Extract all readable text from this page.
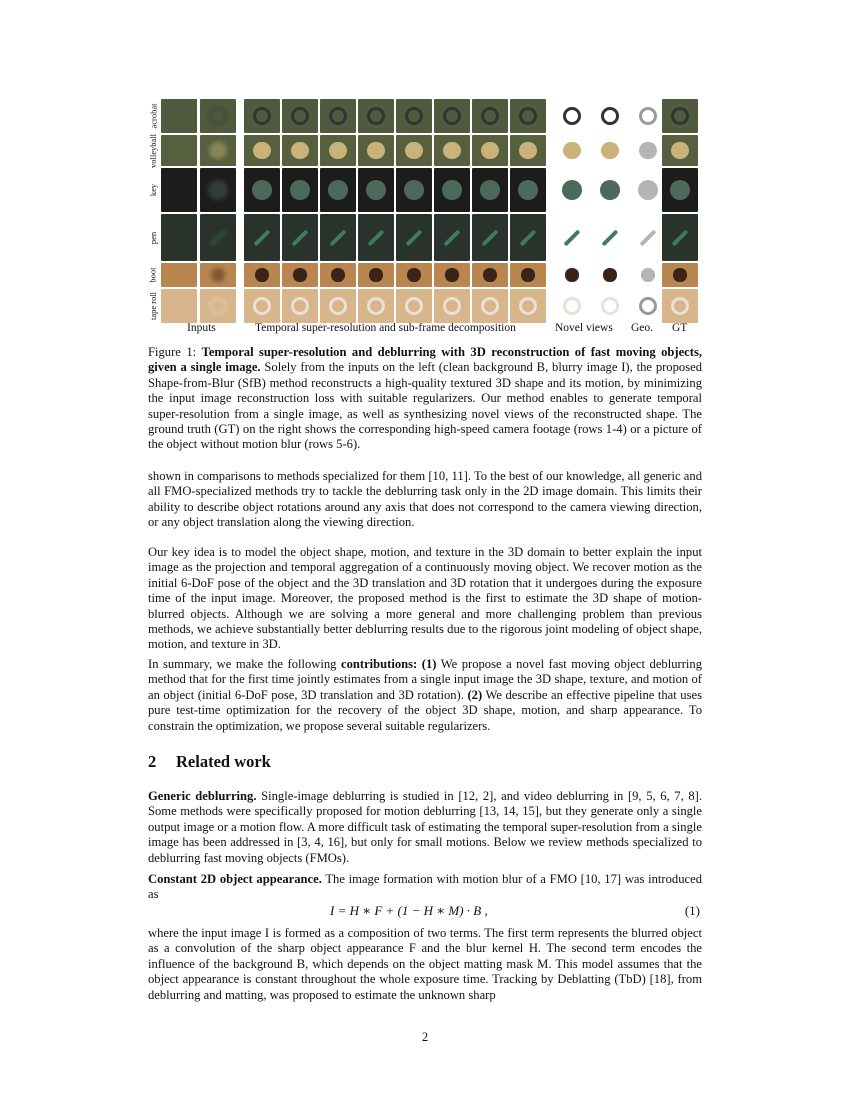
acrobat
volleyball
key
pen
boot
tape roll
Inputs	Temporal super-resolution and sub-frame decomposition	Novel views Geo. GT
Figure 1: Temporal super-resolution and deblurring with 3D reconstruction of fast moving objects, given a single image. Solely from the inputs on the left (clean background B, blurry image I), the proposed Shape-from-Blur (SfB) method reconstructs a high-quality textured 3D shape and its motion, by minimizing the input image reconstruction loss with suitable regularizers. Our method enables to generate temporal super-resolution from a single image, as well as synthesizing novel views of the reconstructed shape. The ground truth (GT) on the right shows the corresponding high-speed camera footage (rows 1-4) or a picture of the object without motion blur (rows 5-6).
shown in comparisons to methods specialized for them [10, 11]. To the best of our knowledge, all generic and all FMO-specialized methods try to tackle the deblurring task only in the 2D image domain. This limits their ability to describe object rotations around any axis that does not correspond to the camera viewing direction, or any object translation along the viewing direction.
Our key idea is to model the object shape, motion, and texture in the 3D domain to better explain the input image as the projection and temporal aggregation of a continuously moving object. We recover motion as the initial 6-DoF pose of the object and the 3D translation and 3D rotation that it undergoes during the exposure time of the input image. Moreover, the proposed method is the first to estimate the 3D shape of motion-blurred objects. Although we are solving a more general and more challenging problem than previous methods, we achieve substantially better deblurring results due to the rigorous joint modeling of object shape, motion, and texture in 3D.
In summary, we make the following contributions: (1) We propose a novel fast moving object deblurring method that for the first time jointly estimates from a single input image the 3D shape, texture, and motion of an object (initial 6-DoF pose, 3D translation and 3D rotation). (2) We describe an effective pipeline that uses pure test-time optimization for the recovery of the object 3D shape, motion, and sharp appearance. To constrain the optimization, we propose several suitable regularizers.
2 Related work
Generic deblurring. Single-image deblurring is studied in [12, 2], and video deblurring in [9, 5, 6, 7, 8]. Some methods were specifically proposed for motion deblurring [13, 14, 15], but they generate only a single output image or a motion flow. A more difficult task of estimating the temporal super-resolution from a single image has been addressed in [3, 4, 16], but only for small motions. Below we review methods specialized to deblurring fast moving objects (FMOs).
Constant 2D object appearance. The image formation with motion blur of a FMO [10, 17] was introduced as
I = H ∗ F + (1 − H ∗ M) · B ,	(1)
where the input image I is formed as a composition of two terms. The first term represents the blurred object as a convolution of the sharp object appearance F and the blur kernel H. The second term encodes the influence of the background B, which depends on the object matting mask M. This model assumes that the object appearance is constant throughout the whole exposure time. Tracking by Deblatting (TbD) [18], from deblurring and matting, was proposed to estimate the unknown sharp
2
